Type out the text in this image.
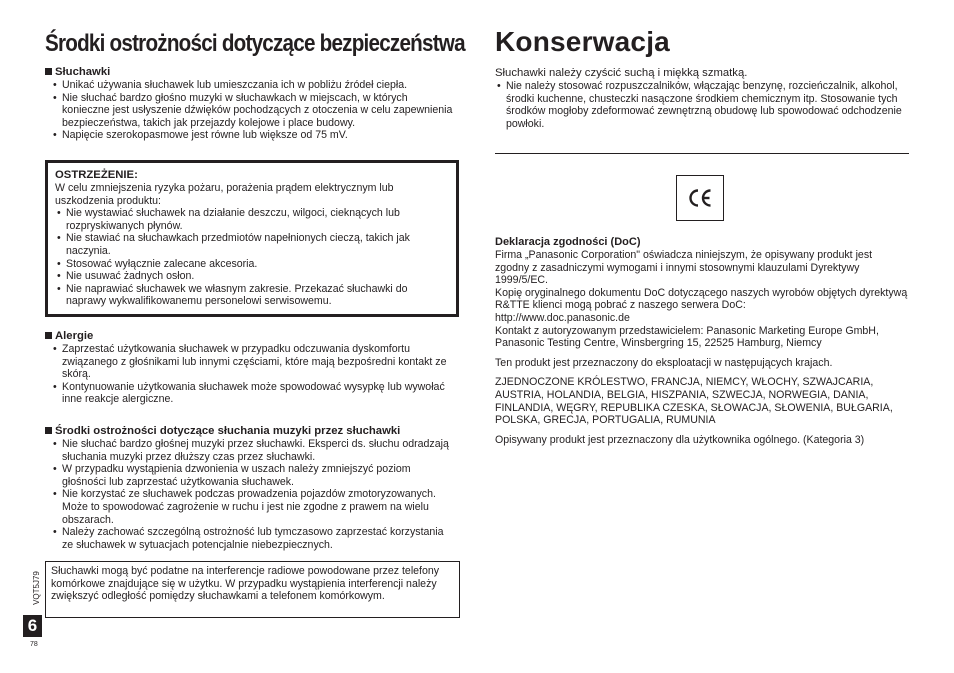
Środki ostrożności dotyczące bezpieczeństwa
Słuchawki
• Unikać używania słuchawek lub umieszczania ich w pobliżu źródeł ciepła.
• Nie słuchać bardzo głośno muzyki w słuchawkach w miejscach, w których konieczne jest usłyszenie dźwięków pochodzących z otoczenia w celu zapewnienia bezpieczeństwa, takich jak przejazdy kolejowe i place budowy.
• Napięcie szerokopasmowe jest równe lub większe od 75 mV.
OSTRZEŻENIE:

W celu zmniejszenia ryzyka pożaru, porażenia prądem elektrycznym lub uszkodzenia produktu:

• Nie wystawiać słuchawek na działanie deszczu, wilgoci, cieknących lub rozpryskiwanych płynów.
• Nie stawiać na słuchawkach przedmiotów napełnionych cieczą, takich jak naczynia.
• Stosować wyłącznie zalecane akcesoria.
• Nie usuwać żadnych osłon.
• Nie naprawiać słuchawek we własnym zakresie. Przekazać słuchawki do naprawy wykwalifikowanemu personelowi serwisowemu.
Alergie
• Zaprzestać użytkowania słuchawek w przypadku odczuwania dyskomfortu związanego z głośnikami lub innymi częściami, które mają bezpośredni kontakt ze skórą.
• Kontynuowanie użytkowania słuchawek może spowodować wysypkę lub wywołać inne reakcje alergiczne.
Środki ostrożności dotyczące słuchania muzyki przez słuchawki
• Nie słuchać bardzo głośnej muzyki przez słuchawki. Eksperci ds. słuchu odradzają słuchania muzyki przez dłuższy czas przez słuchawki.
• W przypadku wystąpienia dzwonienia w uszach należy zmniejszyć poziom głośności lub zaprzestać użytkowania słuchawek.
• Nie korzystać ze słuchawek podczas prowadzenia pojazdów zmotoryzowanych. Może to spowodować zagrożenie w ruchu i jest nie zgodne z prawem na wielu obszarach.
• Należy zachować szczególną ostrożność lub tymczasowo zaprzestać korzystania ze słuchawek w sytuacjach potencjalnie niebezpiecznych.

Słuchawki mogą być podatne na interferencje radiowe powodowane przez telefony komórkowe znajdujące się w użytku. W przypadku wystąpienia interferencji należy zwiększyć odległość pomiędzy słuchawkami a telefonem komórkowym.

VQT5J79
6
78
Konserwacja

Słuchawki należy czyścić suchą i miękką szmatką.

• Nie należy stosować rozpuszczalników, włączając benzynę, rozcieńczalnik, alkohol, środki kuchenne, chusteczki nasączone środkiem chemicznym itp. Stosowanie tych środków mogłoby zdeformować zewnętrzną obudowę lub spowodować odchodzenie powłoki.
Deklaracja zgodności (DoC)

Firma „Panasonic Corporation" oświadcza niniejszym, że opisywany produkt jest zgodny z zasadniczymi wymogami i innymi stosownymi klauzulami Dyrektywy 1999/5/EC.

Kopię oryginalnego dokumentu DoC dotyczącego naszych wyrobów objętych dyrektywą R&TTE klienci mogą pobrać z naszego serwera DoC:

http://www.doc.panasonic.de

Kontakt z autoryzowanym przedstawicielem: Panasonic Marketing Europe GmbH, Panasonic Testing Centre, Winsbergring 15, 22525 Hamburg, Niemcy

Ten produkt jest przeznaczony do eksploatacji w następujących krajach.

ZJEDNOCZONE KRÓLESTWO, FRANCJA, NIEMCY, WŁOCHY, SZWAJCARIA, AUSTRIA, HOLANDIA, BELGIA, HISZPANIA, SZWECJA, NORWEGIA, DANIA, FINLANDIA, WĘGRY, REPUBLIKA CZESKA, SŁOWACJA, SŁOWENIA, BUŁGARIA, POLSKA, GRECJA, PORTUGALIA, RUMUNIA

Opisywany produkt jest przeznaczony dla użytkownika ogólnego. (Kategoria 3)
